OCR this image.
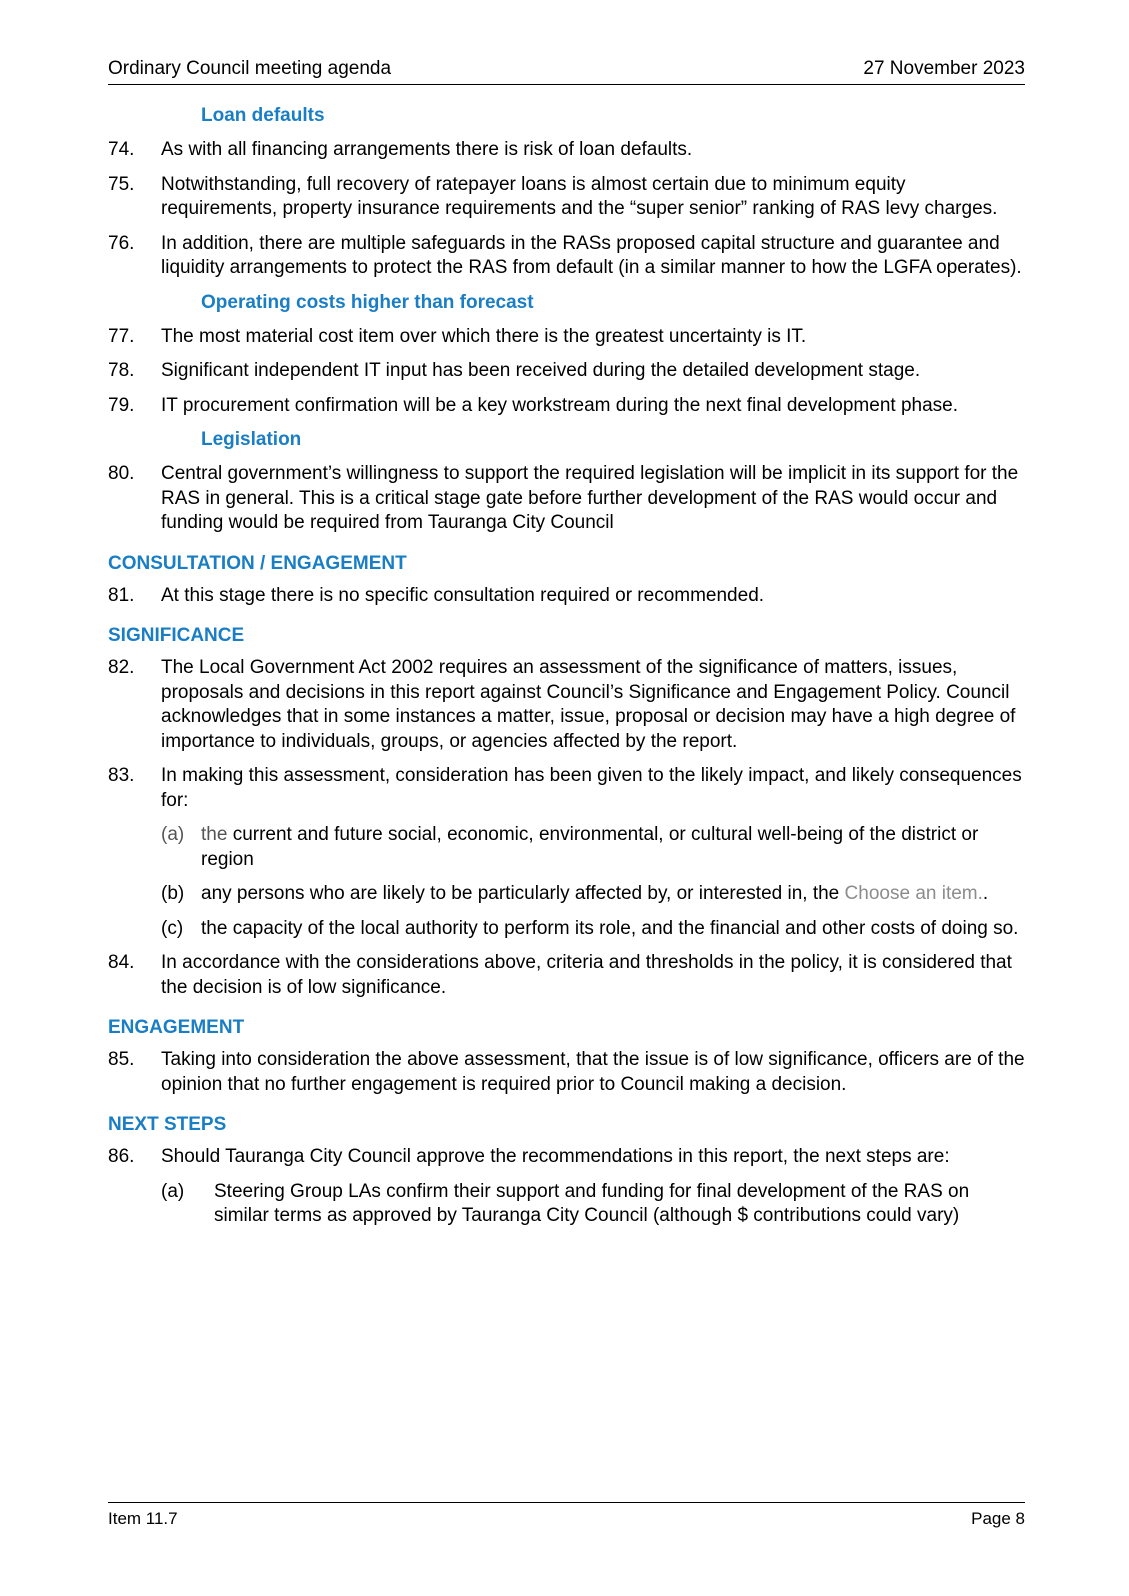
Ordinary Council meeting agenda	27 November 2023
Loan defaults
74. As with all financing arrangements there is risk of loan defaults.
75. Notwithstanding, full recovery of ratepayer loans is almost certain due to minimum equity requirements, property insurance requirements and the “super senior” ranking of RAS levy charges.
76. In addition, there are multiple safeguards in the RASs proposed capital structure and guarantee and liquidity arrangements to protect the RAS from default (in a similar manner to how the LGFA operates).
Operating costs higher than forecast
77. The most material cost item over which there is the greatest uncertainty is IT.
78. Significant independent IT input has been received during the detailed development stage.
79. IT procurement confirmation will be a key workstream during the next final development phase.
Legislation
80. Central government’s willingness to support the required legislation will be implicit in its support for the RAS in general. This is a critical stage gate before further development of the RAS would occur and funding would be required from Tauranga City Council
CONSULTATION / ENGAGEMENT
81. At this stage there is no specific consultation required or recommended.
SIGNIFICANCE
82. The Local Government Act 2002 requires an assessment of the significance of matters, issues, proposals and decisions in this report against Council’s Significance and Engagement Policy. Council acknowledges that in some instances a matter, issue, proposal or decision may have a high degree of importance to individuals, groups, or agencies affected by the report.
83. In making this assessment, consideration has been given to the likely impact, and likely consequences for:
(a) the current and future social, economic, environmental, or cultural well-being of the district or region
(b) any persons who are likely to be particularly affected by, or interested in, the Choose an item..
(c) the capacity of the local authority to perform its role, and the financial and other costs of doing so.
84. In accordance with the considerations above, criteria and thresholds in the policy, it is considered that the decision is of low significance.
ENGAGEMENT
85. Taking into consideration the above assessment, that the issue is of low significance, officers are of the opinion that no further engagement is required prior to Council making a decision.
NEXT STEPS
86. Should Tauranga City Council approve the recommendations in this report, the next steps are:
(a) Steering Group LAs confirm their support and funding for final development of the RAS on similar terms as approved by Tauranga City Council (although $ contributions could vary)
Item 11.7	Page 8
